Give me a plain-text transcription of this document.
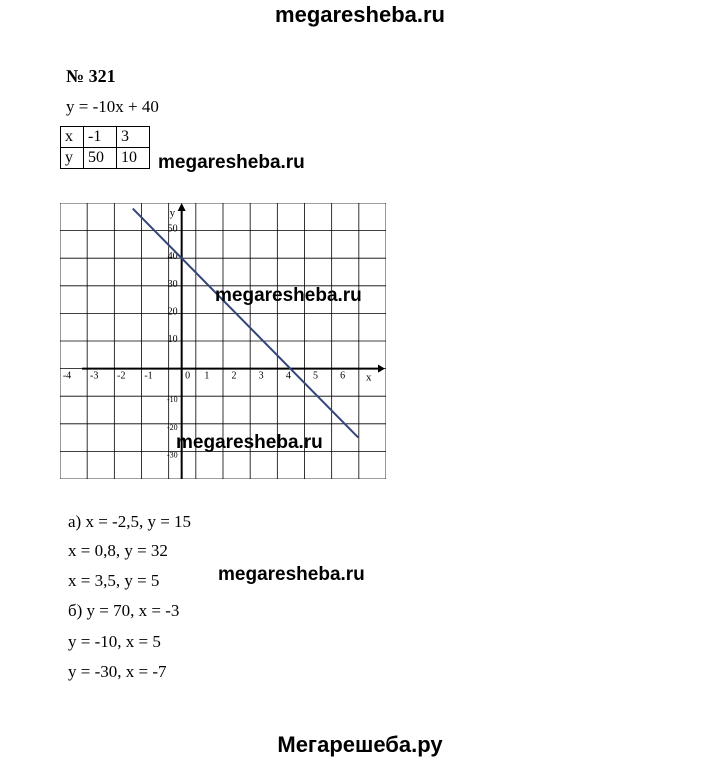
megaresheba.ru
№ 321
y = -10x + 40
x	-1	3
y	50	10 megaresheba.ru
x
y
-4 -3 -2 -1	0 1 2 3 4 5 6
10
20
30
40
50
-10
-20
-30
megaresheba.ru
megaresheba.ru
а) x = -2,5, y = 15
x = 0,8, y = 32
x = 3,5, y = 5
б) y = 70, x = -3
y = -10, x = 5
y = -30, x = -7
megaresheba.ru
Мегарешеба.ру
